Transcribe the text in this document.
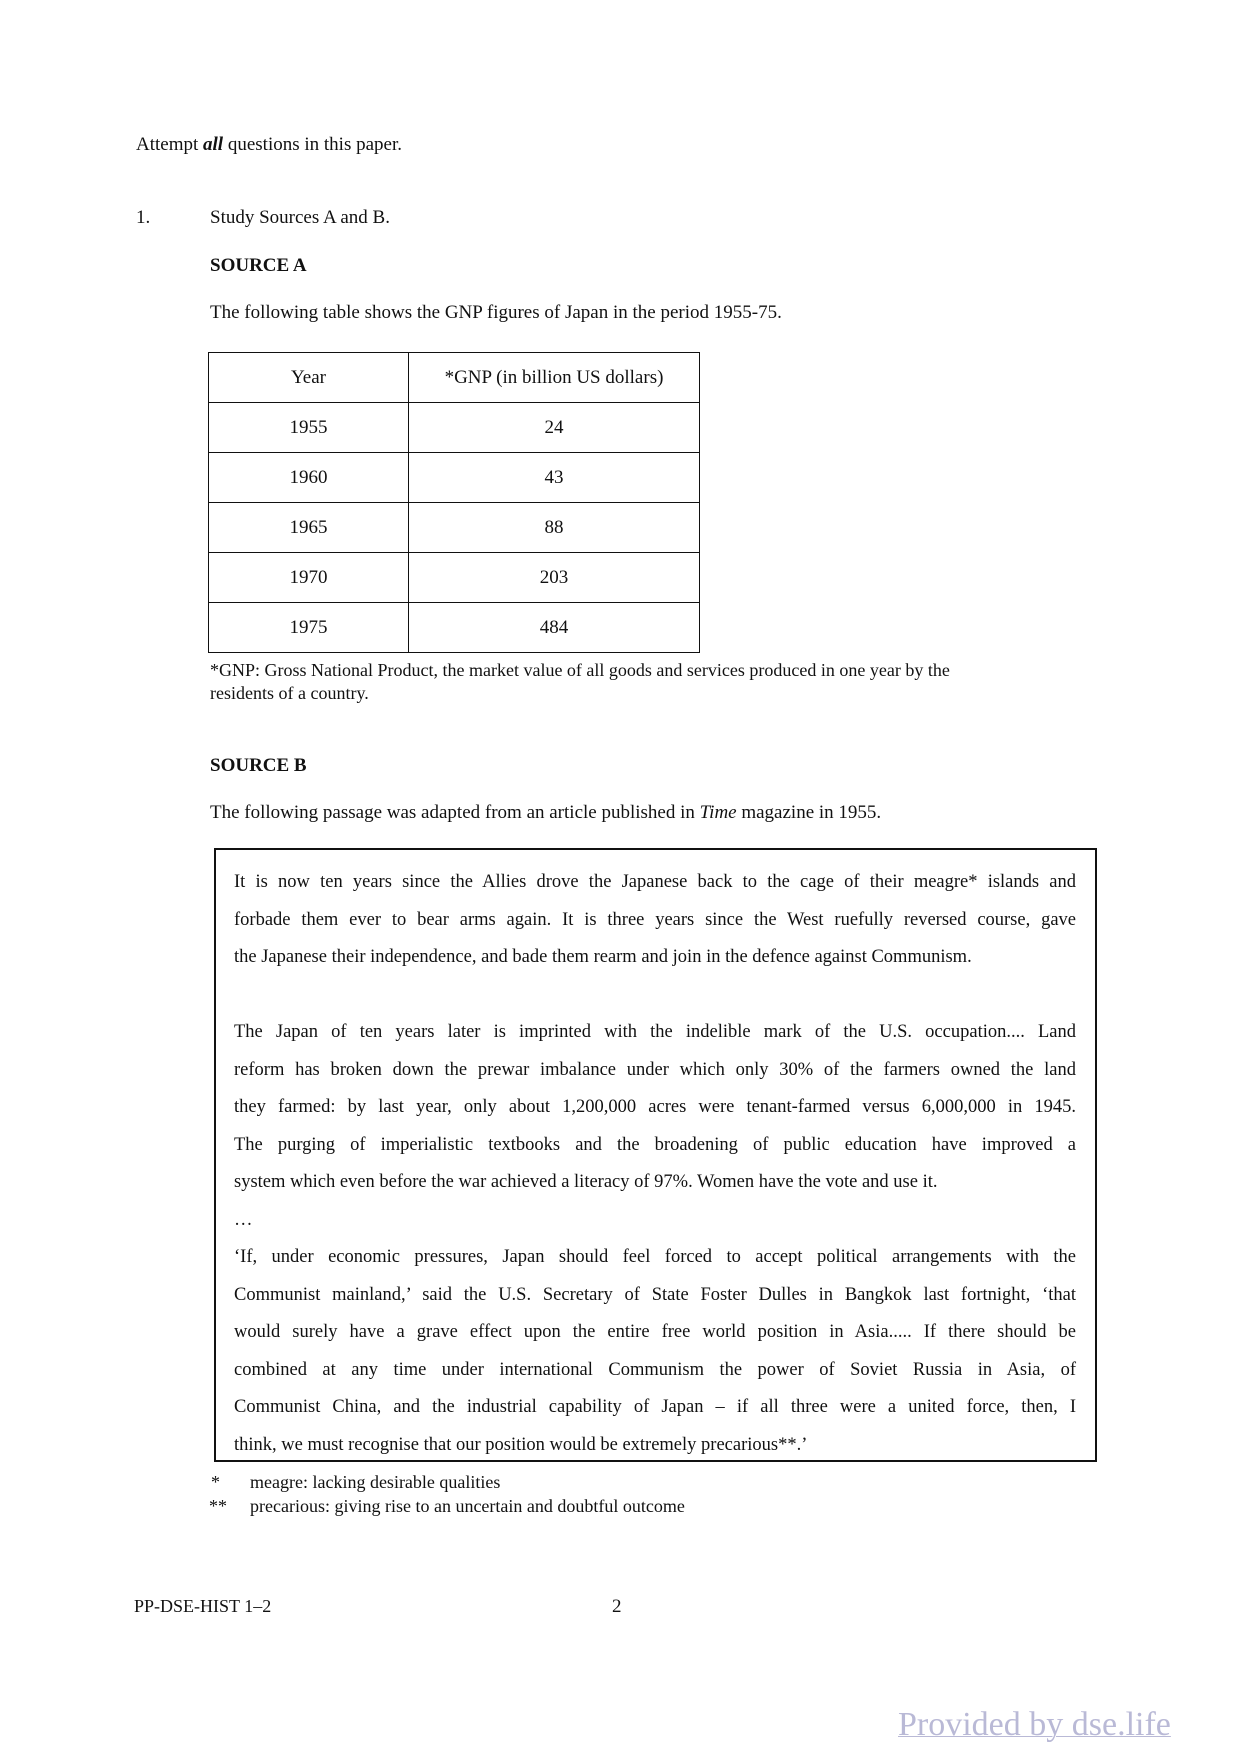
Attempt all questions in this paper.
1.	Study Sources A and B.
SOURCE A
The following table shows the GNP figures of Japan in the period 1955-75.
Year	*GNP (in billion US dollars)
1955	24
1960	43
1965	88
1970	203
1975	484
*GNP: Gross National Product, the market value of all goods and services produced in one year by the
residents of a country.
SOURCE B
The following passage was adapted from an article published in Time magazine in 1955.
It is now ten years since the Allies drove the Japanese back to the cage of their meagre* islands and
forbade them ever to bear arms again. It is three years since the West ruefully reversed course, gave
the Japanese their independence, and bade them rearm and join in the defence against Communism.
The Japan of ten years later is imprinted with the indelible mark of the U.S. occupation.... Land
reform has broken down the prewar imbalance under which only 30% of the farmers owned the land
they farmed: by last year, only about 1,200,000 acres were tenant-farmed versus 6,000,000 in 1945.
The purging of imperialistic textbooks and the broadening of public education have improved a
system which even before the war achieved a literacy of 97%. Women have the vote and use it.
…
‘If, under economic pressures, Japan should feel forced to accept political arrangements with the
Communist mainland,’ said the U.S. Secretary of State Foster Dulles in Bangkok last fortnight, ‘that
would surely have a grave effect upon the entire free world position in Asia..... If there should be
combined at any time under international Communism the power of Soviet Russia in Asia, of
Communist China, and the industrial capability of Japan – if all three were a united force, then, I
think, we must recognise that our position would be extremely precarious**.’
* meagre: lacking desirable qualities
** precarious: giving rise to an uncertain and doubtful outcome
PP-DSE-HIST 1–2	2
Provided by dse.life
